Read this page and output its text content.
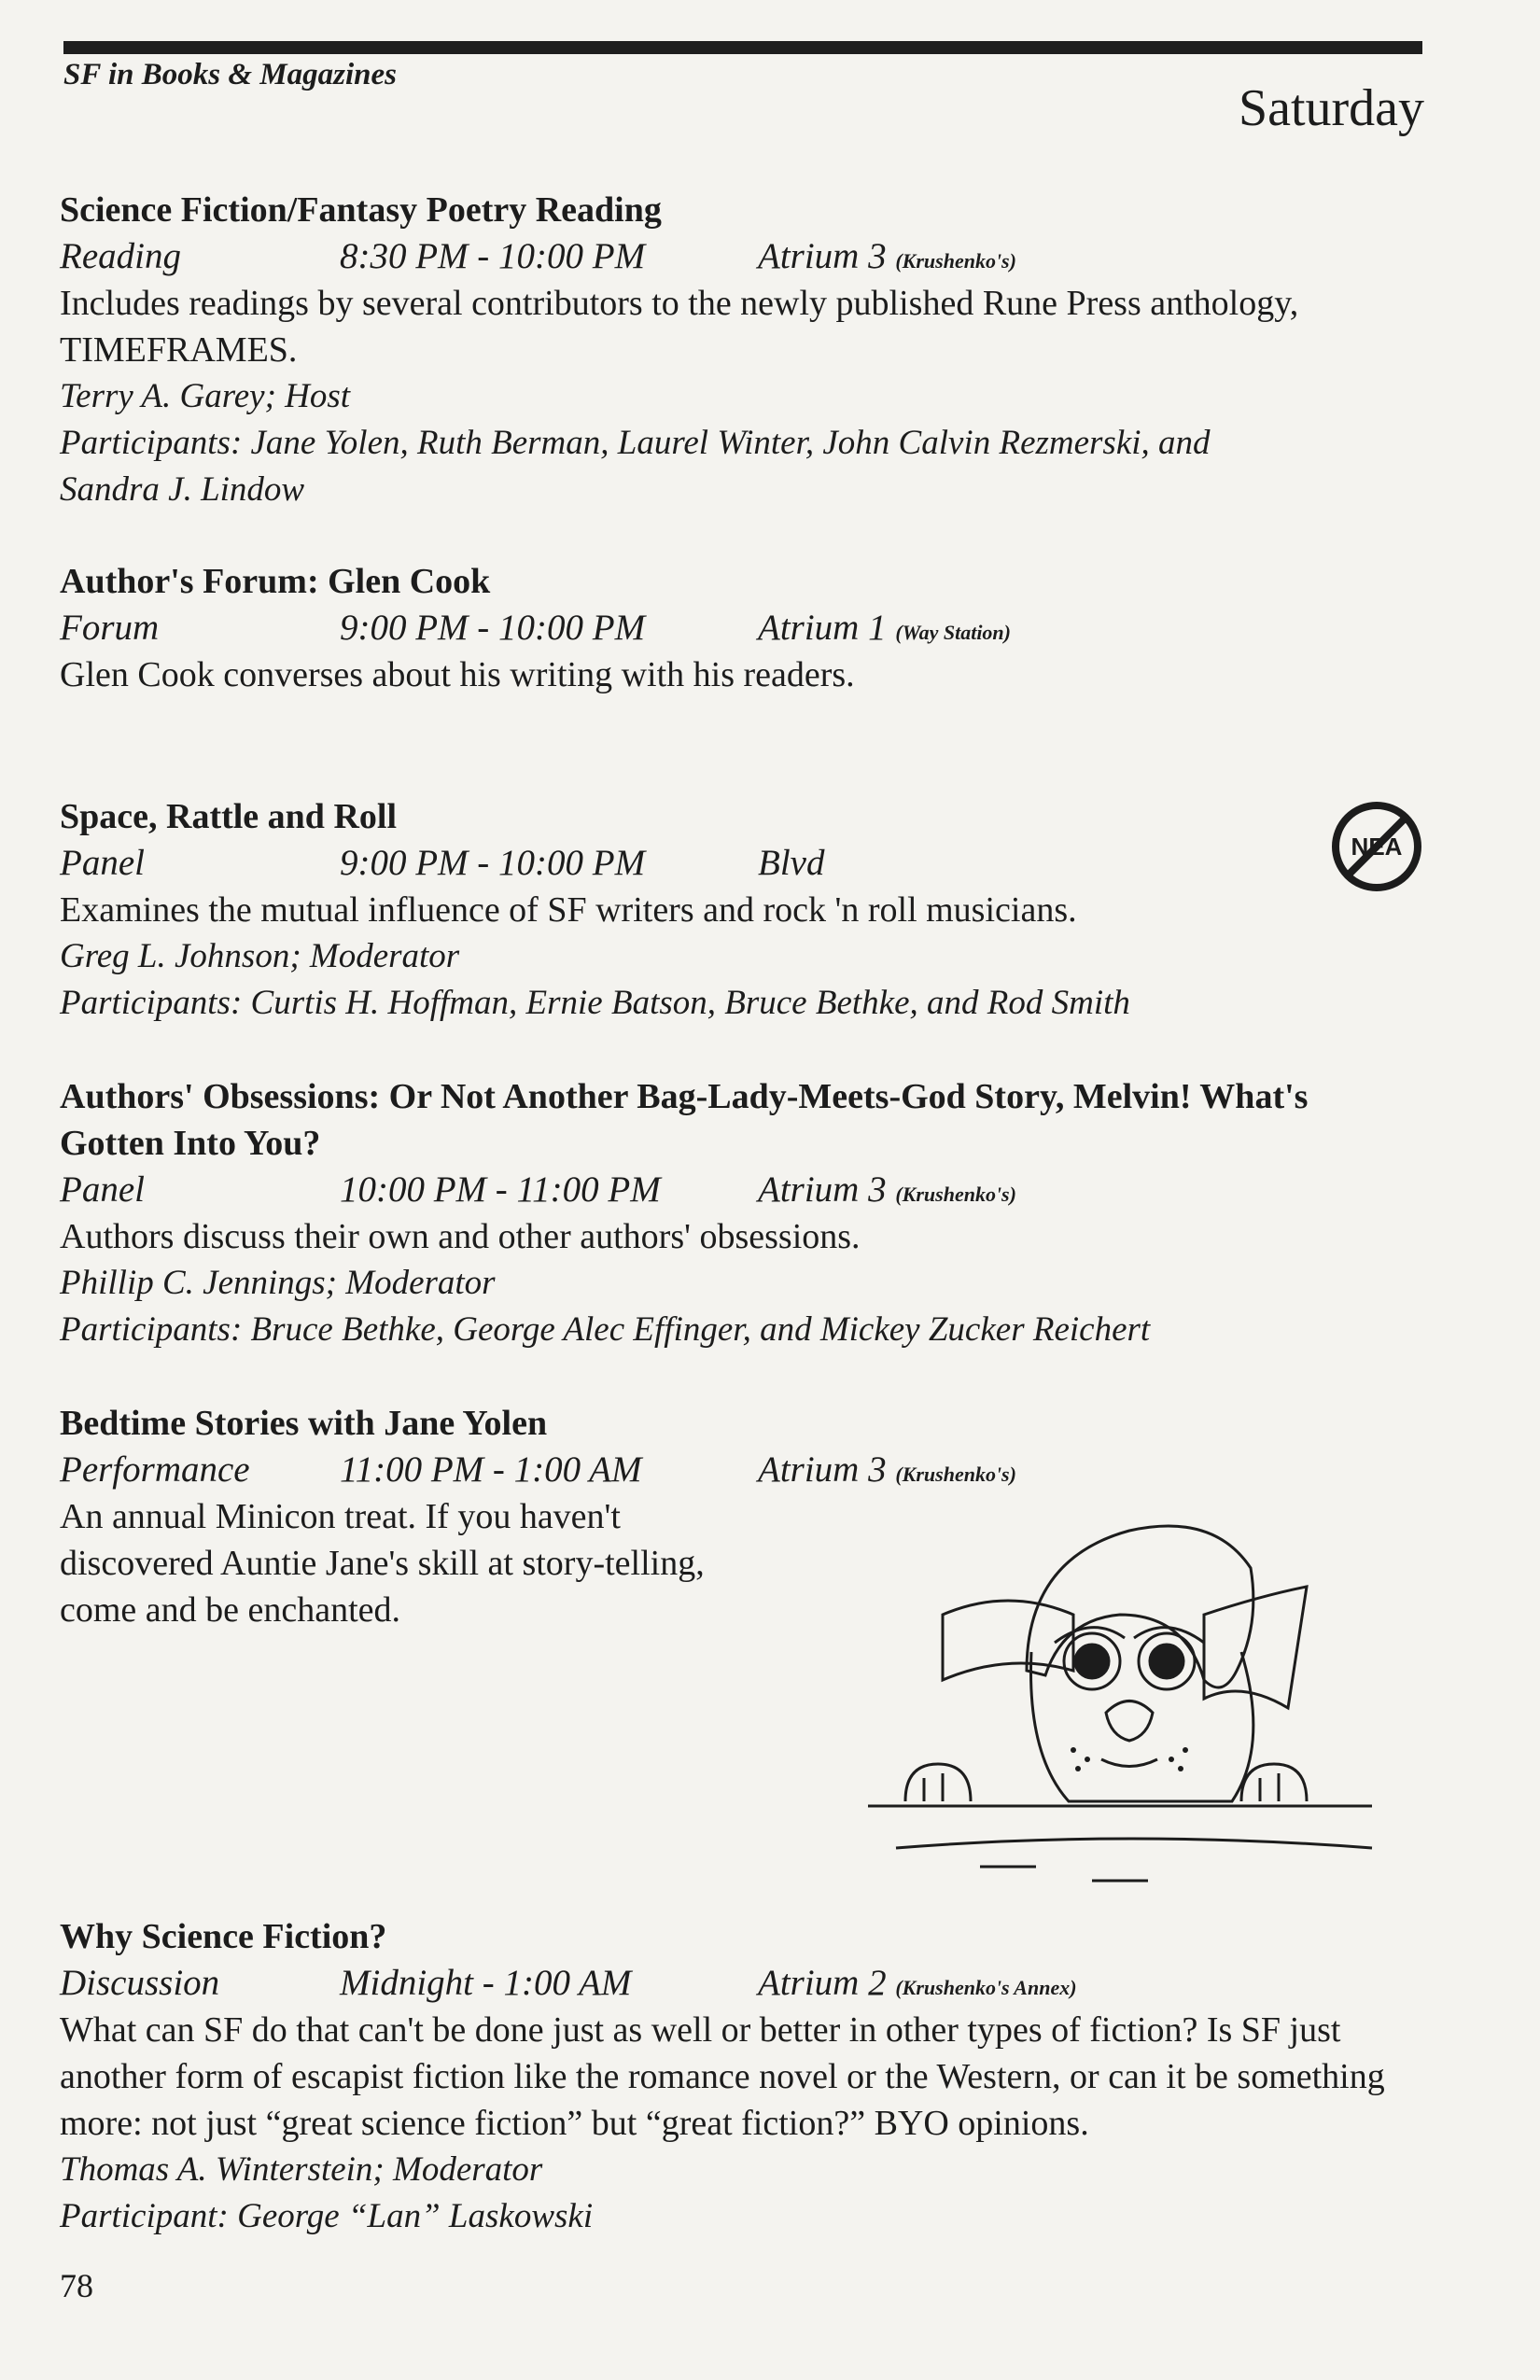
SF in Books & Magazines
Saturday
Science Fiction/Fantasy Poetry Reading
Reading	8:30 PM - 10:00 PM	Atrium 3 (Krushenko's)
Includes readings by several contributors to the newly published Rune Press anthology, TIMEFRAMES.
Terry A. Garey; Host
Participants: Jane Yolen, Ruth Berman, Laurel Winter, John Calvin Rezmerski, and Sandra J. Lindow
Author's Forum: Glen Cook
Forum	9:00 PM - 10:00 PM	Atrium 1 (Way Station)
Glen Cook converses about his writing with his readers.
Space, Rattle and Roll
Panel	9:00 PM - 10:00 PM	Blvd
Examines the mutual influence of SF writers and rock 'n roll musicians.
Greg L. Johnson; Moderator
Participants: Curtis H. Hoffman, Ernie Batson, Bruce Bethke, and Rod Smith
NEA
Authors' Obsessions: Or Not Another Bag-Lady-Meets-God Story, Melvin! What's Gotten Into You?
Panel	10:00 PM - 11:00 PM	Atrium 3 (Krushenko's)
Authors discuss their own and other authors' obsessions.
Phillip C. Jennings; Moderator
Participants: Bruce Bethke, George Alec Effinger, and Mickey Zucker Reichert
Bedtime Stories with Jane Yolen
Performance 11:00 PM - 1:00 AM	Atrium 3 (Krushenko's)
An annual Minicon treat. If you haven't discovered Auntie Jane's skill at story-telling, come and be enchanted.
Why Science Fiction?
Discussion	Midnight - 1:00 AM	Atrium 2 (Krushenko's Annex)
What can SF do that can't be done just as well or better in other types of fiction? Is SF just another form of escapist fiction like the romance novel or the Western, or can it be something more: not just “great science fiction” but “great fiction?” BYO opinions.
Thomas A. Winterstein; Moderator
Participant: George “Lan” Laskowski
78
